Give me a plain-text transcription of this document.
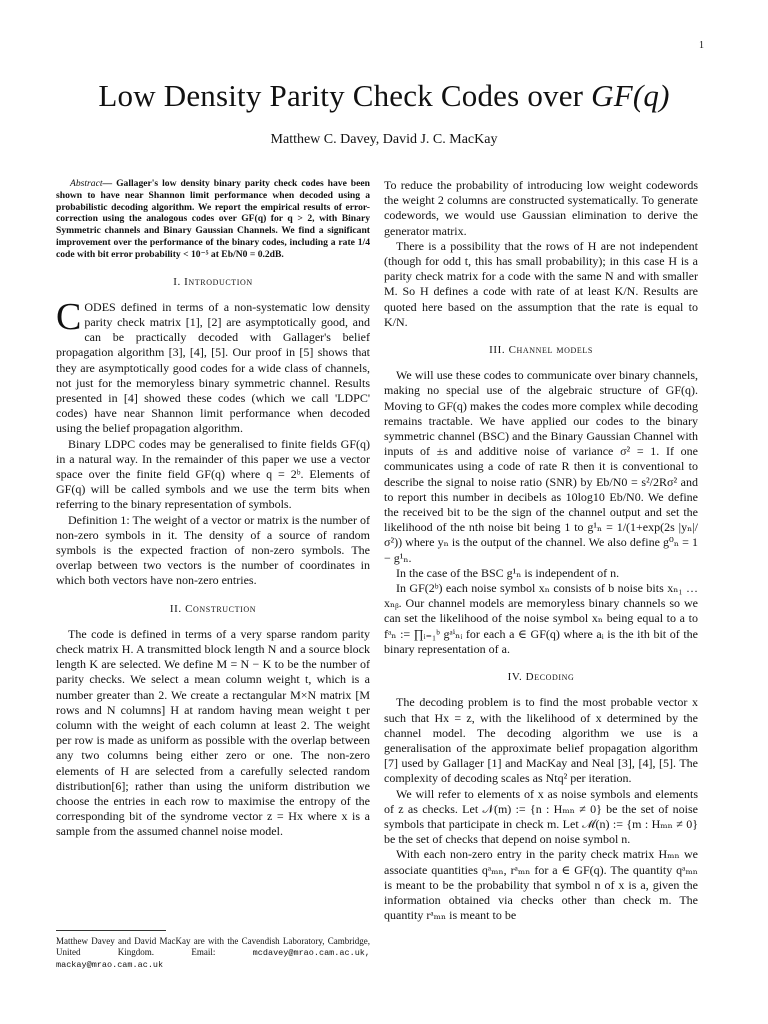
1
Low Density Parity Check Codes over GF(q)
Matthew C. Davey, David J. C. MacKay

Abstract— Gallager's low density binary parity check codes have been shown to have near Shannon limit performance when decoded using a probabilistic decoding algorithm. We report the empirical results of error-correction using the analogous codes over GF(q) for q > 2, with Binary Symmetric channels and Binary Gaussian Channels. We find a significant improvement over the performance of the binary codes, including a rate 1/4 code with bit error probability < 10⁻⁵ at Eb/N0 = 0.2dB.

I. Introduction

CODES defined in terms of a non-systematic low density parity check matrix [1], [2] are asymptotically good, and can be practically decoded with Gallager's belief propagation algorithm [3], [4], [5]. Our proof in [5] shows that they are asymptotically good codes for a wide class of channels, not just for the memoryless binary symmetric channel. Results presented in [4] showed these codes (which we call 'LDPC' codes) have near Shannon limit performance when decoded using the belief propagation algorithm.

Binary LDPC codes may be generalised to finite fields GF(q) in a natural way. In the remainder of this paper we use a vector space over the finite field GF(q) where q = 2ᵇ. Elements of GF(q) will be called symbols and we use the term bits when referring to the binary representation of symbols.

Definition 1: The weight of a vector or matrix is the number of non-zero symbols in it. The density of a source of random symbols is the expected fraction of non-zero symbols. The overlap between two vectors is the number of coordinates in which both vectors have non-zero entries.

II. Construction

The code is defined in terms of a very sparse random parity check matrix H. A transmitted block length N and a source block length K are selected. We define M = N − K to be the number of parity checks. We select a mean column weight t, which is a number greater than 2. We create a rectangular M×N matrix [M rows and N columns] H at random having mean weight t per column with the weight of each column at least 2. The weight per row is made as uniform as possible with the overlap between any two columns being either zero or one. The non-zero elements of H are selected from a carefully selected random distribution[6]; rather than using the uniform distribution we choose the entries in each row to maximise the entropy of the corresponding bit of the syndrome vector z = Hx where x is a sample from the assumed channel noise model.

Matthew Davey and David MacKay are with the Cavendish Laboratory, Cambridge, United Kingdom. Email:	mcdavey@mrao.cam.ac.uk, mackay@mrao.cam.ac.uk

To reduce the probability of introducing low weight codewords the weight 2 columns are constructed systematically. To generate codewords, we would use Gaussian elimination to derive the generator matrix.

There is a possibility that the rows of H are not independent (though for odd t, this has small probability); in this case H is a parity check matrix for a code with the same N and with smaller M. So H defines a code with rate of at least K/N. Results are quoted here based on the assumption that the rate is equal to K/N.

III. Channel models

We will use these codes to communicate over binary channels, making no special use of the algebraic structure of GF(q). Moving to GF(q) makes the codes more complex while decoding remains tractable. We have applied our codes to the binary symmetric channel (BSC) and the Binary Gaussian Channel with inputs of ±s and additive noise of variance σ² = 1. If one communicates using a code of rate R then it is conventional to describe the signal to noise ratio (SNR) by Eb/N0 = s²/2Rσ² and to report this number in decibels as 10log10 Eb/N0. We define the received bit to be the sign of the channel output and set the likelihood of the nth noise bit being 1 to g¹ₙ = 1/(1+exp(2s |yₙ|/σ²)) where yₙ is the output of the channel. We also define g⁰ₙ = 1 − g¹ₙ.

In the case of the BSC g¹ₙ is independent of n.

In GF(2ᵇ) each noise symbol xₙ consists of b noise bits xₙ₁ … xₙᵦ. Our channel models are memoryless binary channels so we can set the likelihood of the noise symbol xₙ being equal to a to fᵃₙ := ∏ᵢ₌₁ᵇ gᵃⁱₙᵢ for each a ∈ GF(q) where aᵢ is the ith bit of the binary representation of a.

IV. Decoding

The decoding problem is to find the most probable vector x such that Hx = z, with the likelihood of x determined by the channel model. The decoding algorithm we use is a generalisation of the approximate belief propagation algorithm [7] used by Gallager [1] and MacKay and Neal [3], [4], [5]. The complexity of decoding scales as Ntq² per iteration.

We will refer to elements of x as noise symbols and elements of z as checks. Let 𝒩(m) := {n : Hₘₙ ≠ 0} be the set of noise symbols that participate in check m. Let ℳ(n) := {m : Hₘₙ ≠ 0} be the set of checks that depend on noise symbol n.

With each non-zero entry in the parity check matrix Hₘₙ we associate quantities qᵃₘₙ, rᵃₘₙ for a ∈ GF(q). The quantity qᵃₘₙ is meant to be the probability that symbol n of x is a, given the information obtained via checks other than check m. The quantity rᵃₘₙ is meant to be
